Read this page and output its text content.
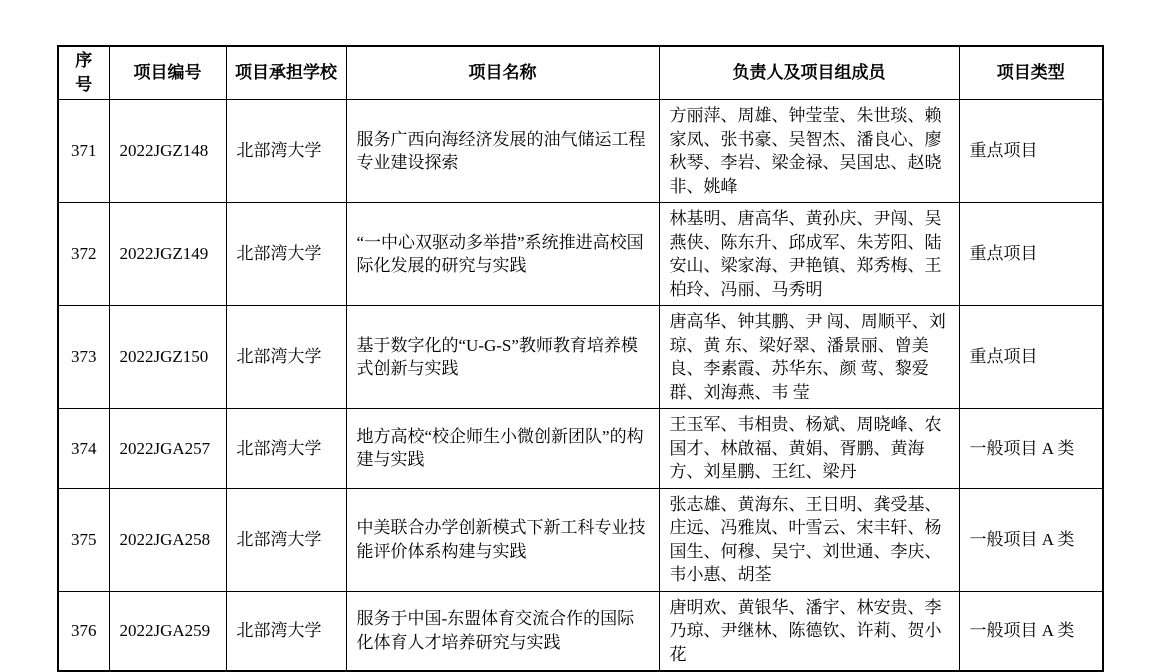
序号	项目编号	项目承担学校	项目名称	负责人及项目组成员	项目类型
371	2022JGZ148	北部湾大学	服务广西向海经济发展的油气储运工程专业建设探索	方丽萍、周雄、钟莹莹、朱世琰、赖家凤、张书豪、吴智杰、潘良心、廖秋琴、李岩、梁金禄、吴国忠、赵晓非、姚峰	重点项目
372	2022JGZ149	北部湾大学	“一中心双驱动多举措”系统推进高校国际化发展的研究与实践	林基明、唐高华、黄孙庆、尹闯、吴燕侠、陈东升、邱成军、朱芳阳、陆安山、梁家海、尹艳镇、郑秀梅、王柏玲、冯丽、马秀明	重点项目
373	2022JGZ150	北部湾大学	基于数字化的“U-G-S”教师教育培养模式创新与实践	唐高华、钟其鹏、尹 闯、周顺平、刘 琼、黄 东、梁好翠、潘景丽、曾美良、李素霞、苏华东、颜 莺、黎爱群、刘海燕、韦 莹	重点项目
374	2022JGA257	北部湾大学	地方高校“校企师生小微创新团队”的构建与实践	王玉军、韦相贵、杨斌、周晓峰、农国才、林啟福、黄娟、胥鹏、黄海方、刘星鹏、王红、梁丹	一般项目 A 类
375	2022JGA258	北部湾大学	中美联合办学创新模式下新工科专业技能评价体系构建与实践	张志雄、黄海东、王日明、龚受基、庄远、冯雅岚、叶雪云、宋丰轩、杨国生、何穆、吴宁、刘世通、李庆、韦小惠、胡荃	一般项目 A 类
376	2022JGA259	北部湾大学	服务于中国-东盟体育交流合作的国际化体育人才培养研究与实践	唐明欢、黄银华、潘宇、林安贵、李乃琼、尹继林、陈德钦、许莉、贺小花	一般项目 A 类
